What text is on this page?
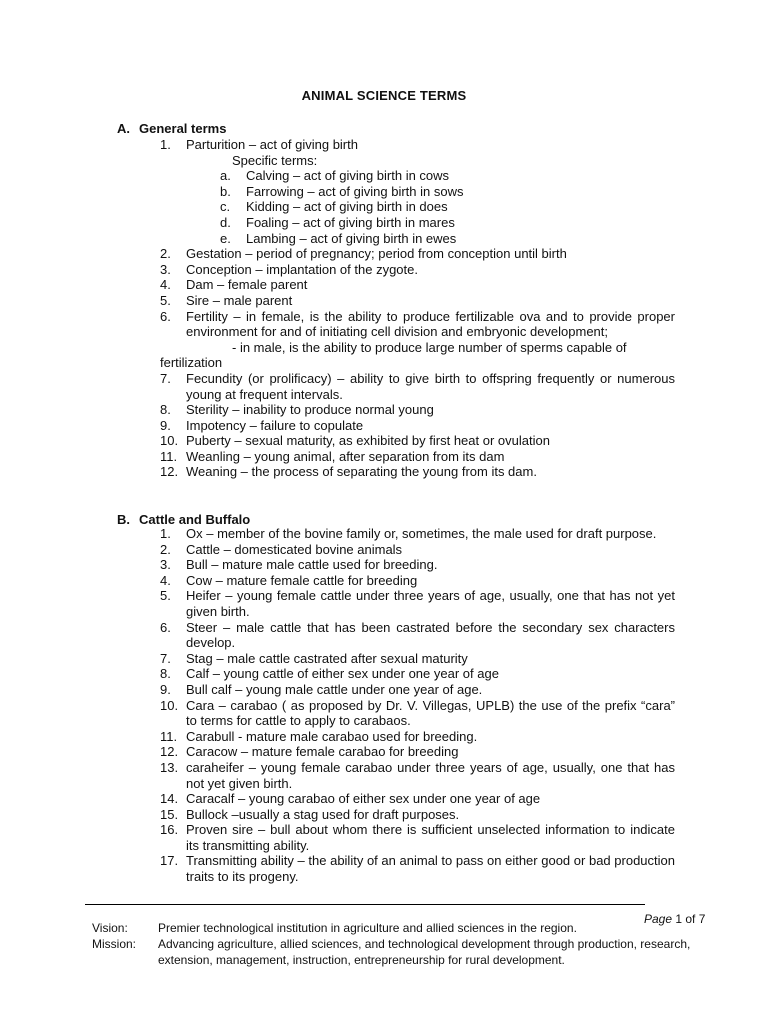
ANIMAL SCIENCE TERMS
A. General terms
1. Parturition – act of giving birth
Specific terms:
a. Calving – act of giving birth in cows
b. Farrowing – act of giving birth in sows
c. Kidding – act of giving birth in does
d. Foaling – act of giving birth in mares
e. Lambing – act of giving birth in ewes
2. Gestation – period of pregnancy; period from conception until birth
3. Conception – implantation of the zygote.
4. Dam – female parent
5. Sire – male parent
6. Fertility – in female, is the ability to produce fertilizable ova and to provide proper environment for and of initiating cell division and embryonic development;
- in male, is the ability to produce large number of sperms capable of
fertilization
7. Fecundity (or prolificacy) – ability to give birth to offspring frequently or numerous young at frequent intervals.
8. Sterility – inability to produce normal young
9. Impotency – failure to copulate
10. Puberty – sexual maturity, as exhibited by first heat or ovulation
11. Weanling – young animal, after separation from its dam
12. Weaning – the process of separating the young from its dam.
B. Cattle and Buffalo
1. Ox – member of the bovine family or, sometimes, the male used for draft purpose.
2. Cattle – domesticated bovine animals
3. Bull – mature male cattle used for breeding.
4. Cow – mature female cattle for breeding
5. Heifer – young female cattle under three years of age, usually, one that has not yet given birth.
6. Steer – male cattle that has been castrated before the secondary sex characters develop.
7. Stag – male cattle castrated after sexual maturity
8. Calf – young cattle of either sex under one year of age
9. Bull calf – young male cattle under one year of age.
10. Cara – carabao ( as proposed by Dr. V. Villegas, UPLB) the use of the prefix “cara” to terms for cattle to apply to carabaos.
11. Carabull - mature male carabao used for breeding.
12. Caracow – mature female carabao for breeding
13. caraheifer – young female carabao under three years of age, usually, one that has not yet given birth.
14. Caracalf – young carabao of either sex under one year of age
15. Bullock –usually a stag used for draft purposes.
16. Proven sire – bull about whom there is sufficient unselected information to indicate its transmitting ability.
17. Transmitting ability – the ability of an animal to pass on either good or bad production traits to its progeny.
Page 1 of 7
Vision:	Premier technological institution in agriculture and allied sciences in the region.
Mission: Advancing agriculture, allied sciences, and technological development through production, research, extension, management, instruction, entrepreneurship for rural development.
